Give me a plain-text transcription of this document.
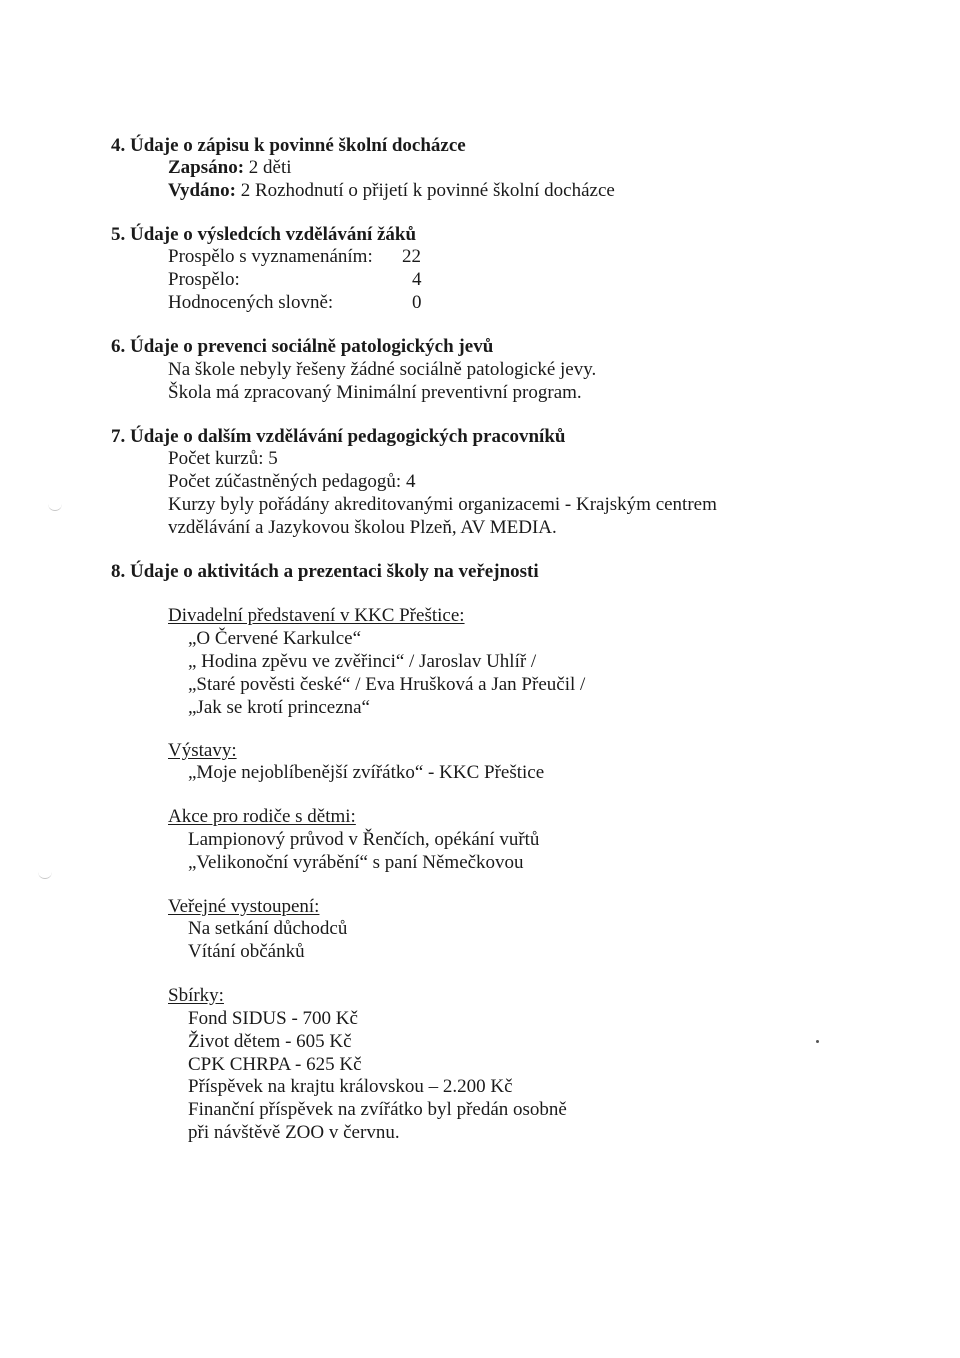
4. Údaje o zápisu k povinné školní docházce
Zapsáno: 2 děti
Vydáno: 2 Rozhodnutí o přijetí k povinné školní docházce
5. Údaje o výsledcích vzdělávání žáků
Prospělo s vyznamenáním: 22
Prospělo:	4
Hodnocených slovně:	0
6. Údaje o prevenci sociálně patologických jevů
Na škole nebyly řešeny žádné sociálně patologické jevy.
Škola má zpracovaný Minimální preventivní program.
7. Údaje o dalším vzdělávání pedagogických pracovníků
Počet kurzů: 5
Počet zúčastněných pedagogů: 4
Kurzy byly pořádány akreditovanými organizacemi - Krajským centrem
vzdělávání a Jazykovou školou Plzeň, AV MEDIA.
8. Údaje o aktivitách a prezentaci školy na veřejnosti
Divadelní představení v KKC Přeštice:
„O Červené Karkulce“
„ Hodina zpěvu ve zvěřinci“ / Jaroslav Uhlíř /
„Staré pověsti české“ / Eva Hrušková a Jan Přeučil /
„Jak se krotí princezna“
Výstavy:
„Moje nejoblíbenější zvířátko“ - KKC Přeštice
Akce pro rodiče s dětmi:
Lampionový průvod v Řenčích, opékání vuřtů
„Velikonoční vyrábění“ s paní Němečkovou
Veřejné vystoupení:
Na setkání důchodců
Vítání občánků
Sbírky:
Fond SIDUS - 700 Kč
Život dětem - 605 Kč
CPK CHRPA - 625 Kč
Příspěvek na krajtu královskou – 2.200 Kč
Finanční příspěvek na zvířátko byl předán osobně
při návštěvě ZOO v červnu.
